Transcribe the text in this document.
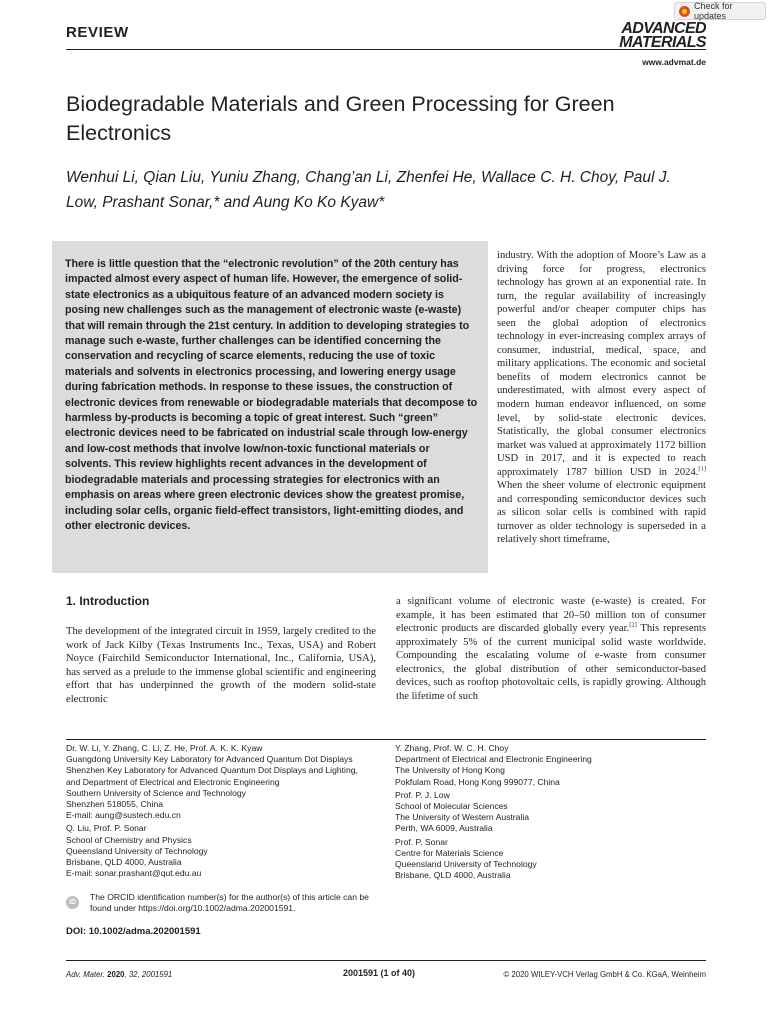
REVIEW
Check for updates
ADVANCED
MATERIALS
www.advmat.de
Biodegradable Materials and Green Processing for Green Electronics
Wenhui Li, Qian Liu, Yuniu Zhang, Chang’an Li, Zhenfei He, Wallace C. H. Choy, Paul J. Low, Prashant Sonar,* and Aung Ko Ko Kyaw*

There is little question that the “electronic revolution” of the 20th century has impacted almost every aspect of human life. However, the emergence of solid-state electronics as a ubiquitous feature of an advanced modern society is posing new challenges such as the management of electronic waste (e-waste) that will remain through the 21st century. In addition to developing strategies to manage such e-waste, further challenges can be identified concerning the conservation and recycling of scarce elements, reducing the use of toxic materials and solvents in electronics processing, and lowering energy usage during fabrication methods. In response to these issues, the construction of electronic devices from renewable or biodegradable materials that decompose to harmless by-products is becoming a topic of great interest. Such “green” electronic devices need to be fabricated on industrial scale through low-energy and low-cost methods that involve low/non-toxic functional materials or solvents. This review highlights recent advances in the development of biodegradable materials and processing strategies for electronics with an emphasis on areas where green electronic devices show the greatest promise, including solar cells, organic field-effect transistors, light-emitting diodes, and other electronic devices.

industry. With the adoption of Moore’s Law as a driving force for progress, electronics technology has grown at an exponential rate. In turn, the regular availability of increasingly powerful and/or cheaper computer chips has seen the global adoption of electronics technology in ever-increasing complex arrays of consumer, industrial, medical, space, and military applications. The economic and societal benefits of modern electronics cannot be underestimated, with almost every aspect of modern human endeavor influenced, on some level, by solid-state electronic devices. Statistically, the global consumer electronics market was valued at approximately 1172 billion USD in 2017, and it is expected to reach approximately 1787 billion USD in 2024.[1] When the sheer volume of electronic equipment and corresponding semiconductor devices such as silicon solar cells is combined with rapid turnover as older technology is superseded in a relatively short timeframe,

1. Introduction

The development of the integrated circuit in 1959, largely credited to the work of Jack Kilby (Texas Instruments Inc., Texas, USA) and Robert Noyce (Fairchild Semiconductor International, Inc., California, USA), has served as a prelude to the immense global scientific and engineering effort that has underpinned the growth of the modern solid-state electronic

a significant volume of electronic waste (e-waste) is created. For example, it has been estimated that 20–50 million ton of consumer electronic products are discarded globally every year.[2] This represents approximately 5% of the current municipal solid waste worldwide. Compounding the escalating volume of e-waste from consumer electronics, the global distribution of other semiconductor-based devices, such as rooftop photovoltaic cells, is rapidly growing. Although the lifetime of such

Dr. W. Li, Y. Zhang, C. Li, Z. He, Prof. A. K. K. Kyaw
Guangdong University Key Laboratory for Advanced Quantum Dot Displays
Shenzhen Key Laboratory for Advanced Quantum Dot Displays and Lighting,
and Department of Electrical and Electronic Engineering
Southern University of Science and Technology
Shenzhen 518055, China
E-mail: aung@sustech.edu.cn
Q. Liu, Prof. P. Sonar
School of Chemistry and Physics
Queensland University of Technology
Brisbane, QLD 4000, Australia
E-mail: sonar.prashant@qut.edu.au
Y. Zhang, Prof. W. C. H. Choy
Department of Electrical and Electronic Engineering
The University of Hong Kong
Pokfulam Road, Hong Kong 999077, China
Prof. P. J. Low
School of Molecular Sciences
The University of Western Australia
Perth, WA 6009, Australia
Prof. P. Sonar
Centre for Materials Science
Queensland University of Technology
Brisbane, QLD 4000, Australia
iD
The ORCID identification number(s) for the author(s) of this article can be found under https://doi.org/10.1002/adma.202001591.
DOI: 10.1002/adma.202001591
Adv. Mater. 2020, 32, 2001591	2001591 (1 of 40)	© 2020 WILEY-VCH Verlag GmbH & Co. KGaA, Weinheim
